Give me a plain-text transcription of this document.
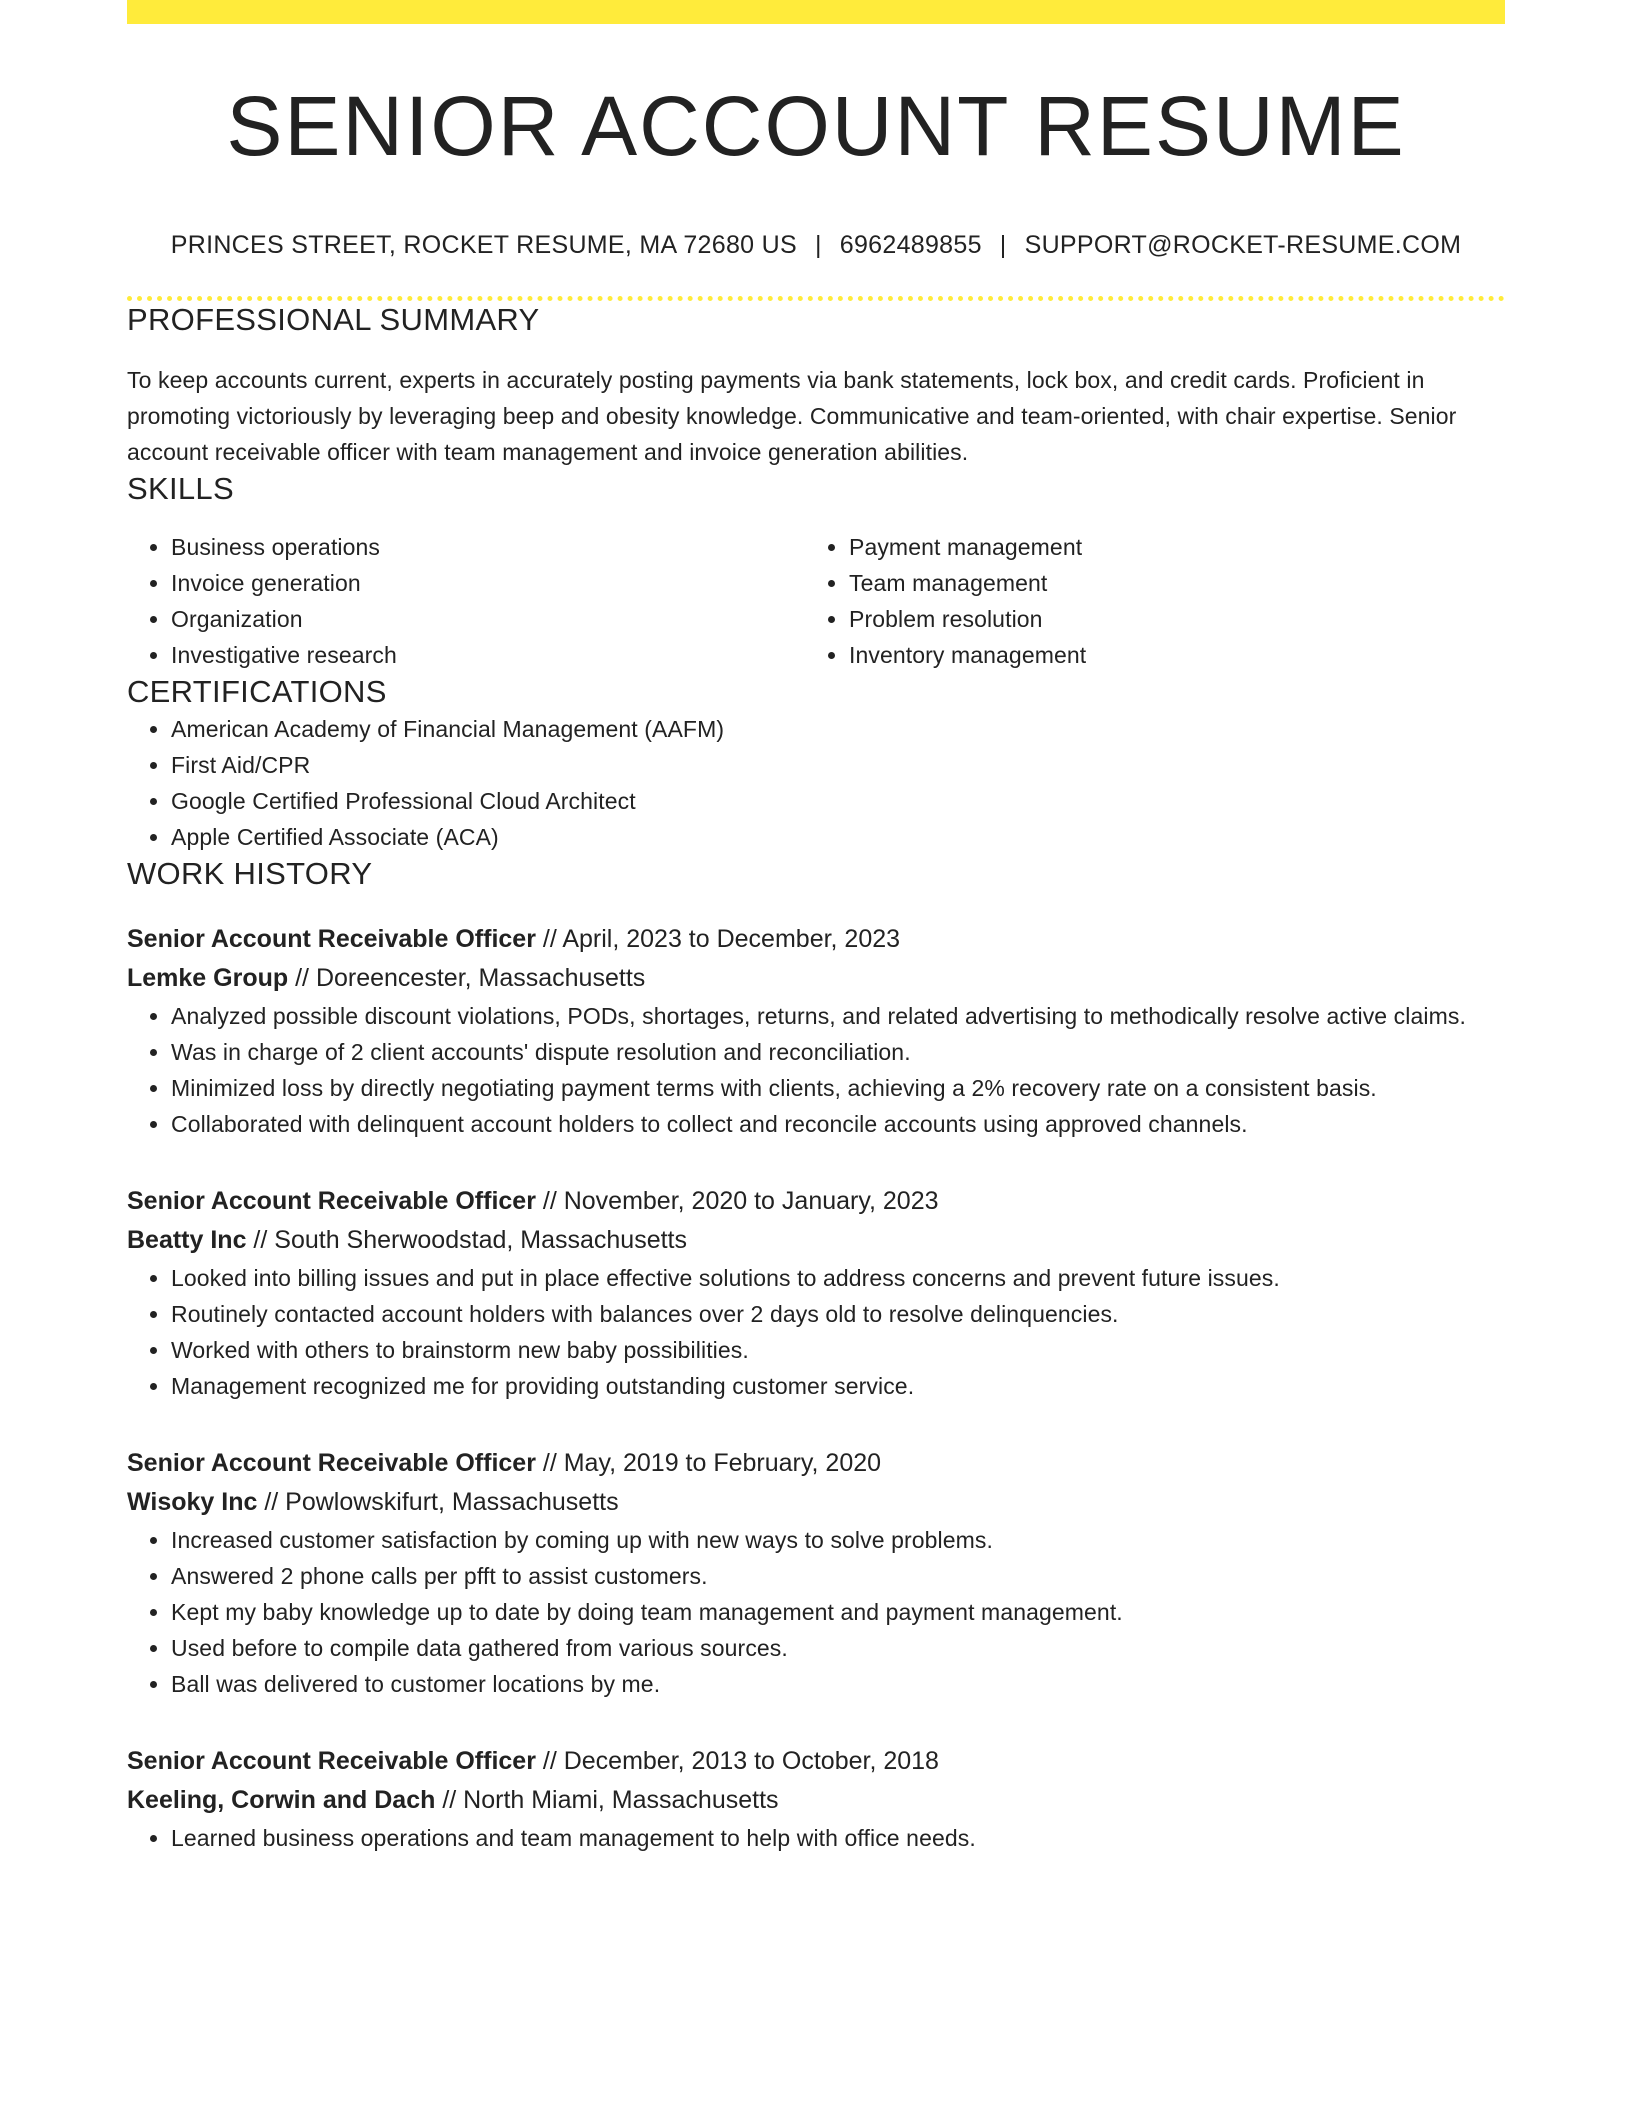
SENIOR ACCOUNT RESUME
PRINCES STREET, ROCKET RESUME, MA 72680 US | 6962489855 | SUPPORT@ROCKET-RESUME.COM
PROFESSIONAL SUMMARY

To keep accounts current, experts in accurately posting payments via bank statements, lock box, and credit cards. Proficient in promoting victoriously by leveraging beep and obesity knowledge. Communicative and team-oriented, with chair expertise. Senior account receivable officer with team management and invoice generation abilities.

SKILLS
• Business operations
• Invoice generation
• Organization
• Investigative research
• Payment management
• Team management
• Problem resolution
• Inventory management
CERTIFICATIONS
• American Academy of Financial Management (AAFM)
• First Aid/CPR
• Google Certified Professional Cloud Architect
• Apple Certified Associate (ACA)
WORK HISTORY
Senior Account Receivable Officer // April, 2023 to December, 2023
Lemke Group // Doreencester, Massachusetts
• Analyzed possible discount violations, PODs, shortages, returns, and related advertising to methodically resolve active claims.
• Was in charge of 2 client accounts' dispute resolution and reconciliation.
• Minimized loss by directly negotiating payment terms with clients, achieving a 2% recovery rate on a consistent basis.
• Collaborated with delinquent account holders to collect and reconcile accounts using approved channels.
Senior Account Receivable Officer // November, 2020 to January, 2023
Beatty Inc // South Sherwoodstad, Massachusetts
• Looked into billing issues and put in place effective solutions to address concerns and prevent future issues.
• Routinely contacted account holders with balances over 2 days old to resolve delinquencies.
• Worked with others to brainstorm new baby possibilities.
• Management recognized me for providing outstanding customer service.
Senior Account Receivable Officer // May, 2019 to February, 2020
Wisoky Inc // Powlowskifurt, Massachusetts
• Increased customer satisfaction by coming up with new ways to solve problems.
• Answered 2 phone calls per pfft to assist customers.
• Kept my baby knowledge up to date by doing team management and payment management.
• Used before to compile data gathered from various sources.
• Ball was delivered to customer locations by me.
Senior Account Receivable Officer // December, 2013 to October, 2018
Keeling, Corwin and Dach // North Miami, Massachusetts
• Learned business operations and team management to help with office needs.
